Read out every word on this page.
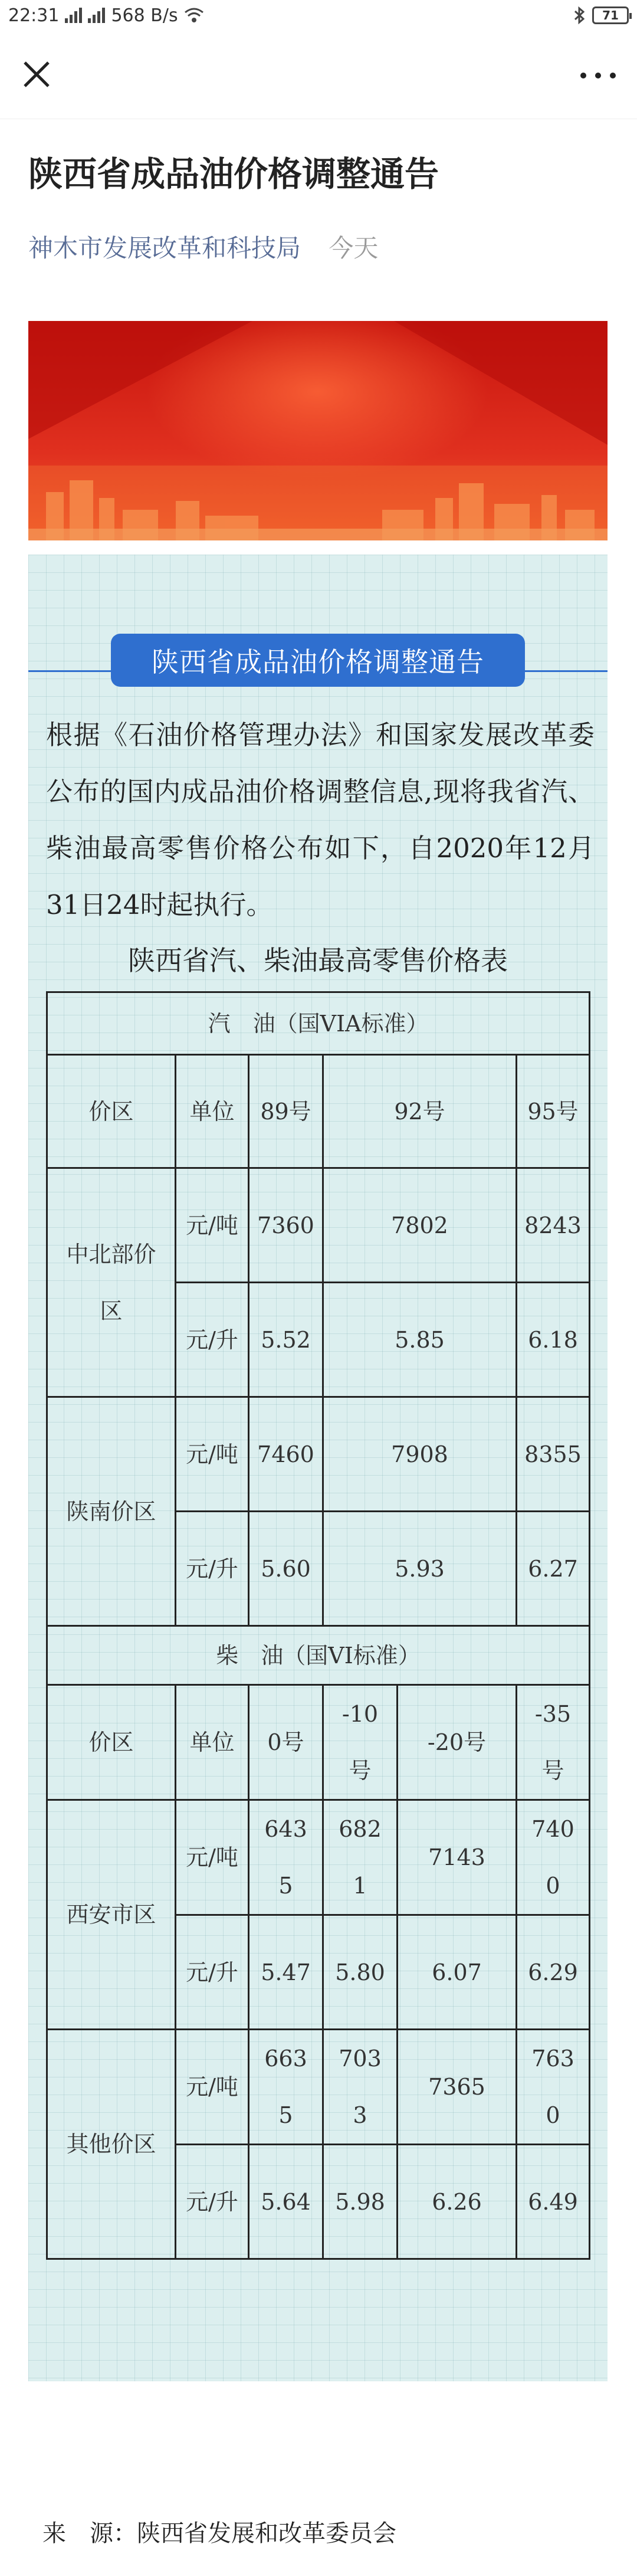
22:31	568 B/s	71
陕西省成品油价格调整通告
神木市发展改革和科技局 今天
陕西省成品油价格调整通告

根据《石油价格管理办法》和国家发展改革委公布的国内成品油价格调整信息,现将我省汽、柴油最高零售价格公布如下，自2020年12月31日24时起执行。

陕西省汽、柴油最高零售价格表
汽　油（国VIA标准）					
价区	单位	89号	92号		95号
中北部价区	元/吨	7360	7802		8243
	元/升	5.52	5.85		6.18
陕南价区	元/吨	7460	7908		8355
	元/升	5.60	5.93		6.27
柴　油（国VI标准）					
价区	单位	0号	-10号	-20号	-35号
西安市区	元/吨	6435	6821	7143	7400
	元/升	5.47	5.80	6.07	6.29
其他价区	元/吨	6635	7033	7365	7630
	元/升	5.64	5.98	6.26	6.49
来　源：陕西省发展和改革委员会
